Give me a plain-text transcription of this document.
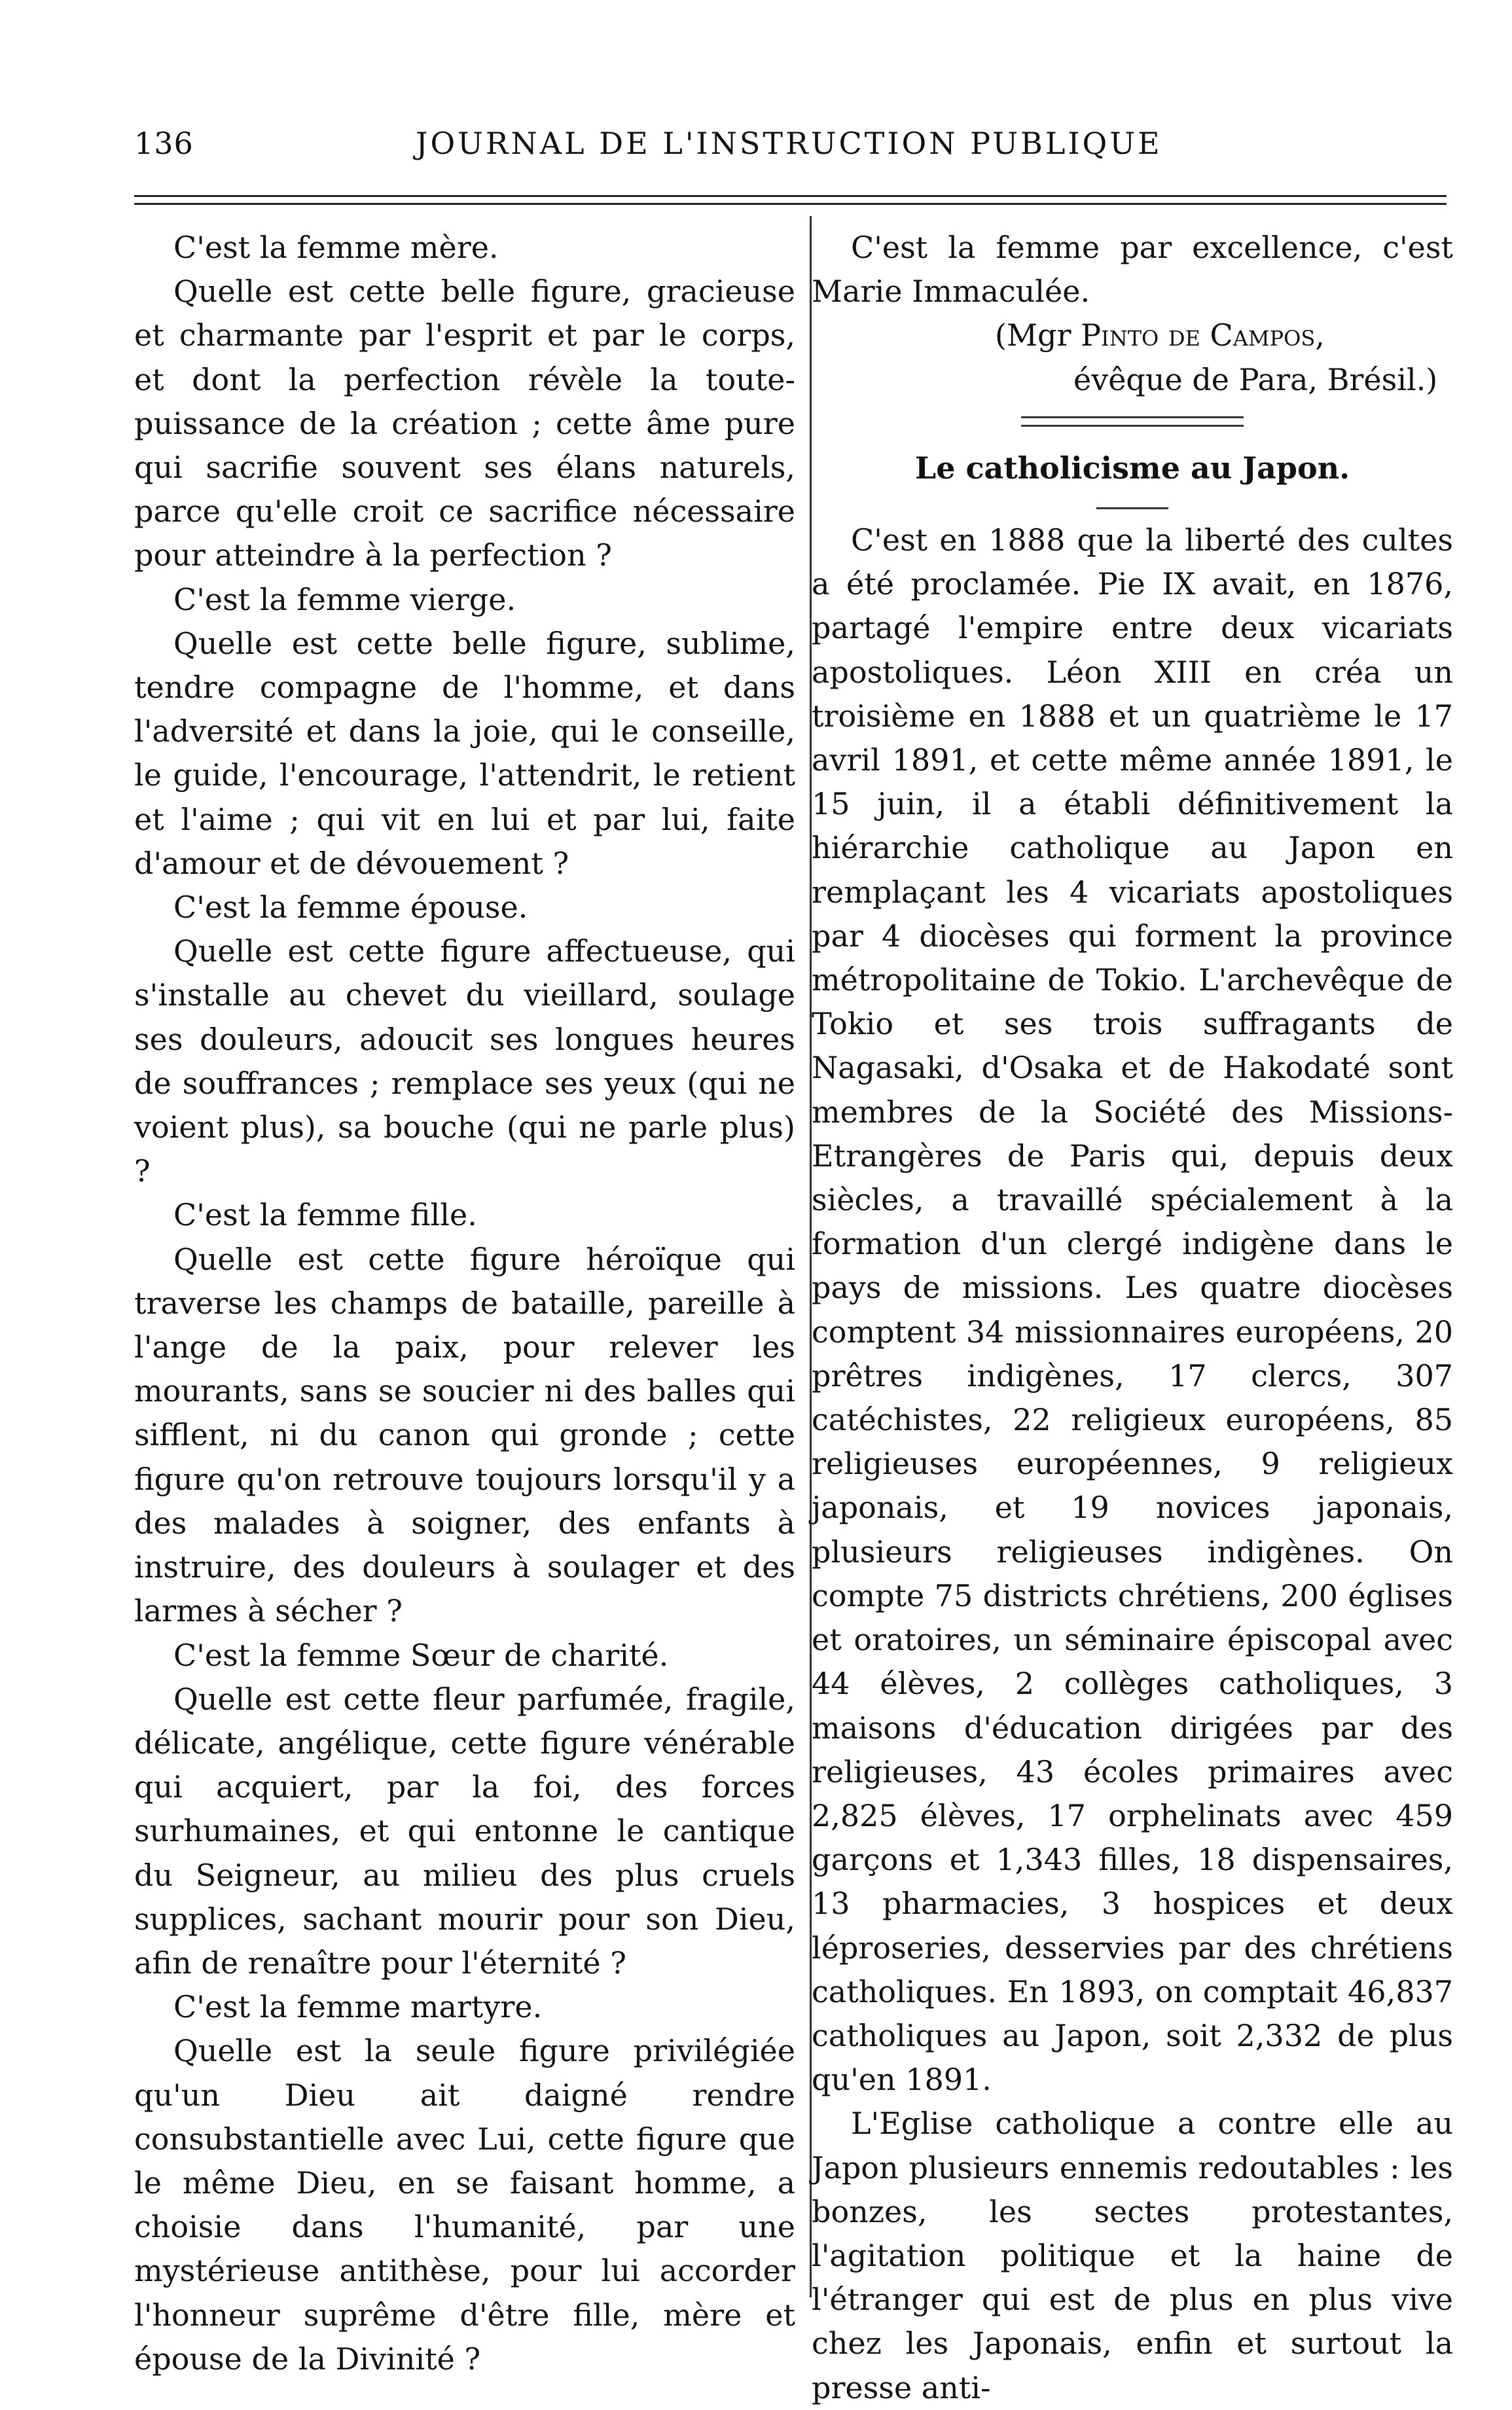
136	JOURNAL DE L'INSTRUCTION PUBLIQUE

C'est la femme mère.

Quelle est cette belle figure, gracieuse et charmante par l'esprit et par le corps, et dont la perfection révèle la toute-puissance de la création ; cette âme pure qui sacrifie souvent ses élans naturels, parce qu'elle croit ce sacrifice nécessaire pour atteindre à la perfection ?

C'est la femme vierge.

Quelle est cette belle figure, sublime, tendre compagne de l'homme, et dans l'adversité et dans la joie, qui le conseille, le guide, l'encourage, l'attendrit, le retient et l'aime ; qui vit en lui et par lui, faite d'amour et de dévouement ?

C'est la femme épouse.

Quelle est cette figure affectueuse, qui s'installe au chevet du vieillard, soulage ses douleurs, adoucit ses longues heures de souffrances ; remplace ses yeux (qui ne voient plus), sa bouche (qui ne parle plus) ?

C'est la femme fille.

Quelle est cette figure héroïque qui traverse les champs de bataille, pareille à l'ange de la paix, pour relever les mourants, sans se soucier ni des balles qui sifflent, ni du canon qui gronde ; cette figure qu'on retrouve toujours lorsqu'il y a des malades à soigner, des enfants à instruire, des douleurs à soulager et des larmes à sécher ?

C'est la femme Sœur de charité.

Quelle est cette fleur parfumée, fragile, délicate, angélique, cette figure vénérable qui acquiert, par la foi, des forces surhumaines, et qui entonne le cantique du Seigneur, au milieu des plus cruels supplices, sachant mourir pour son Dieu, afin de renaître pour l'éternité ?

C'est la femme martyre.

Quelle est la seule figure privilégiée qu'un Dieu ait daigné rendre consubstantielle avec Lui, cette figure que le même Dieu, en se faisant homme, a choisie dans l'humanité, par une mystérieuse antithèse, pour lui accorder l'honneur suprême d'être fille, mère et épouse de la Divinité ?

C'est la femme par excellence, c'est Marie Immaculée.

(Mgr Pinto de Campos,
évêque de Para, Brésil.)
Le catholicisme au Japon.

C'est en 1888 que la liberté des cultes a été proclamée. Pie IX avait, en 1876, partagé l'empire entre deux vicariats apostoliques. Léon XIII en créa un troisième en 1888 et un quatrième le 17 avril 1891, et cette même année 1891, le 15 juin, il a établi définitivement la hiérarchie catholique au Japon en remplaçant les 4 vicariats apostoliques par 4 diocèses qui forment la province métropolitaine de Tokio. L'archevêque de Tokio et ses trois suffragants de Nagasaki, d'Osaka et de Hakodaté sont membres de la Société des Missions-Etrangères de Paris qui, depuis deux siècles, a travaillé spécialement à la formation d'un clergé indigène dans le pays de missions. Les quatre diocèses comptent 34 missionnaires européens, 20 prêtres indigènes, 17 clercs, 307 catéchistes, 22 religieux européens, 85 religieuses européennes, 9 religieux japonais, et 19 novices japonais, plusieurs religieuses indigènes. On compte 75 districts chrétiens, 200 églises et oratoires, un séminaire épiscopal avec 44 élèves, 2 collèges catholiques, 3 maisons d'éducation dirigées par des religieuses, 43 écoles primaires avec 2,825 élèves, 17 orphelinats avec 459 garçons et 1,343 filles, 18 dispensaires, 13 pharmacies, 3 hospices et deux léproseries, desservies par des chrétiens catholiques. En 1893, on comptait 46,837 catholiques au Japon, soit 2,332 de plus qu'en 1891.

L'Eglise catholique a contre elle au Japon plusieurs ennemis redoutables : les bonzes, les sectes protestantes, l'agitation politique et la haine de l'étranger qui est de plus en plus vive chez les Japonais, enfin et surtout la presse anti-
